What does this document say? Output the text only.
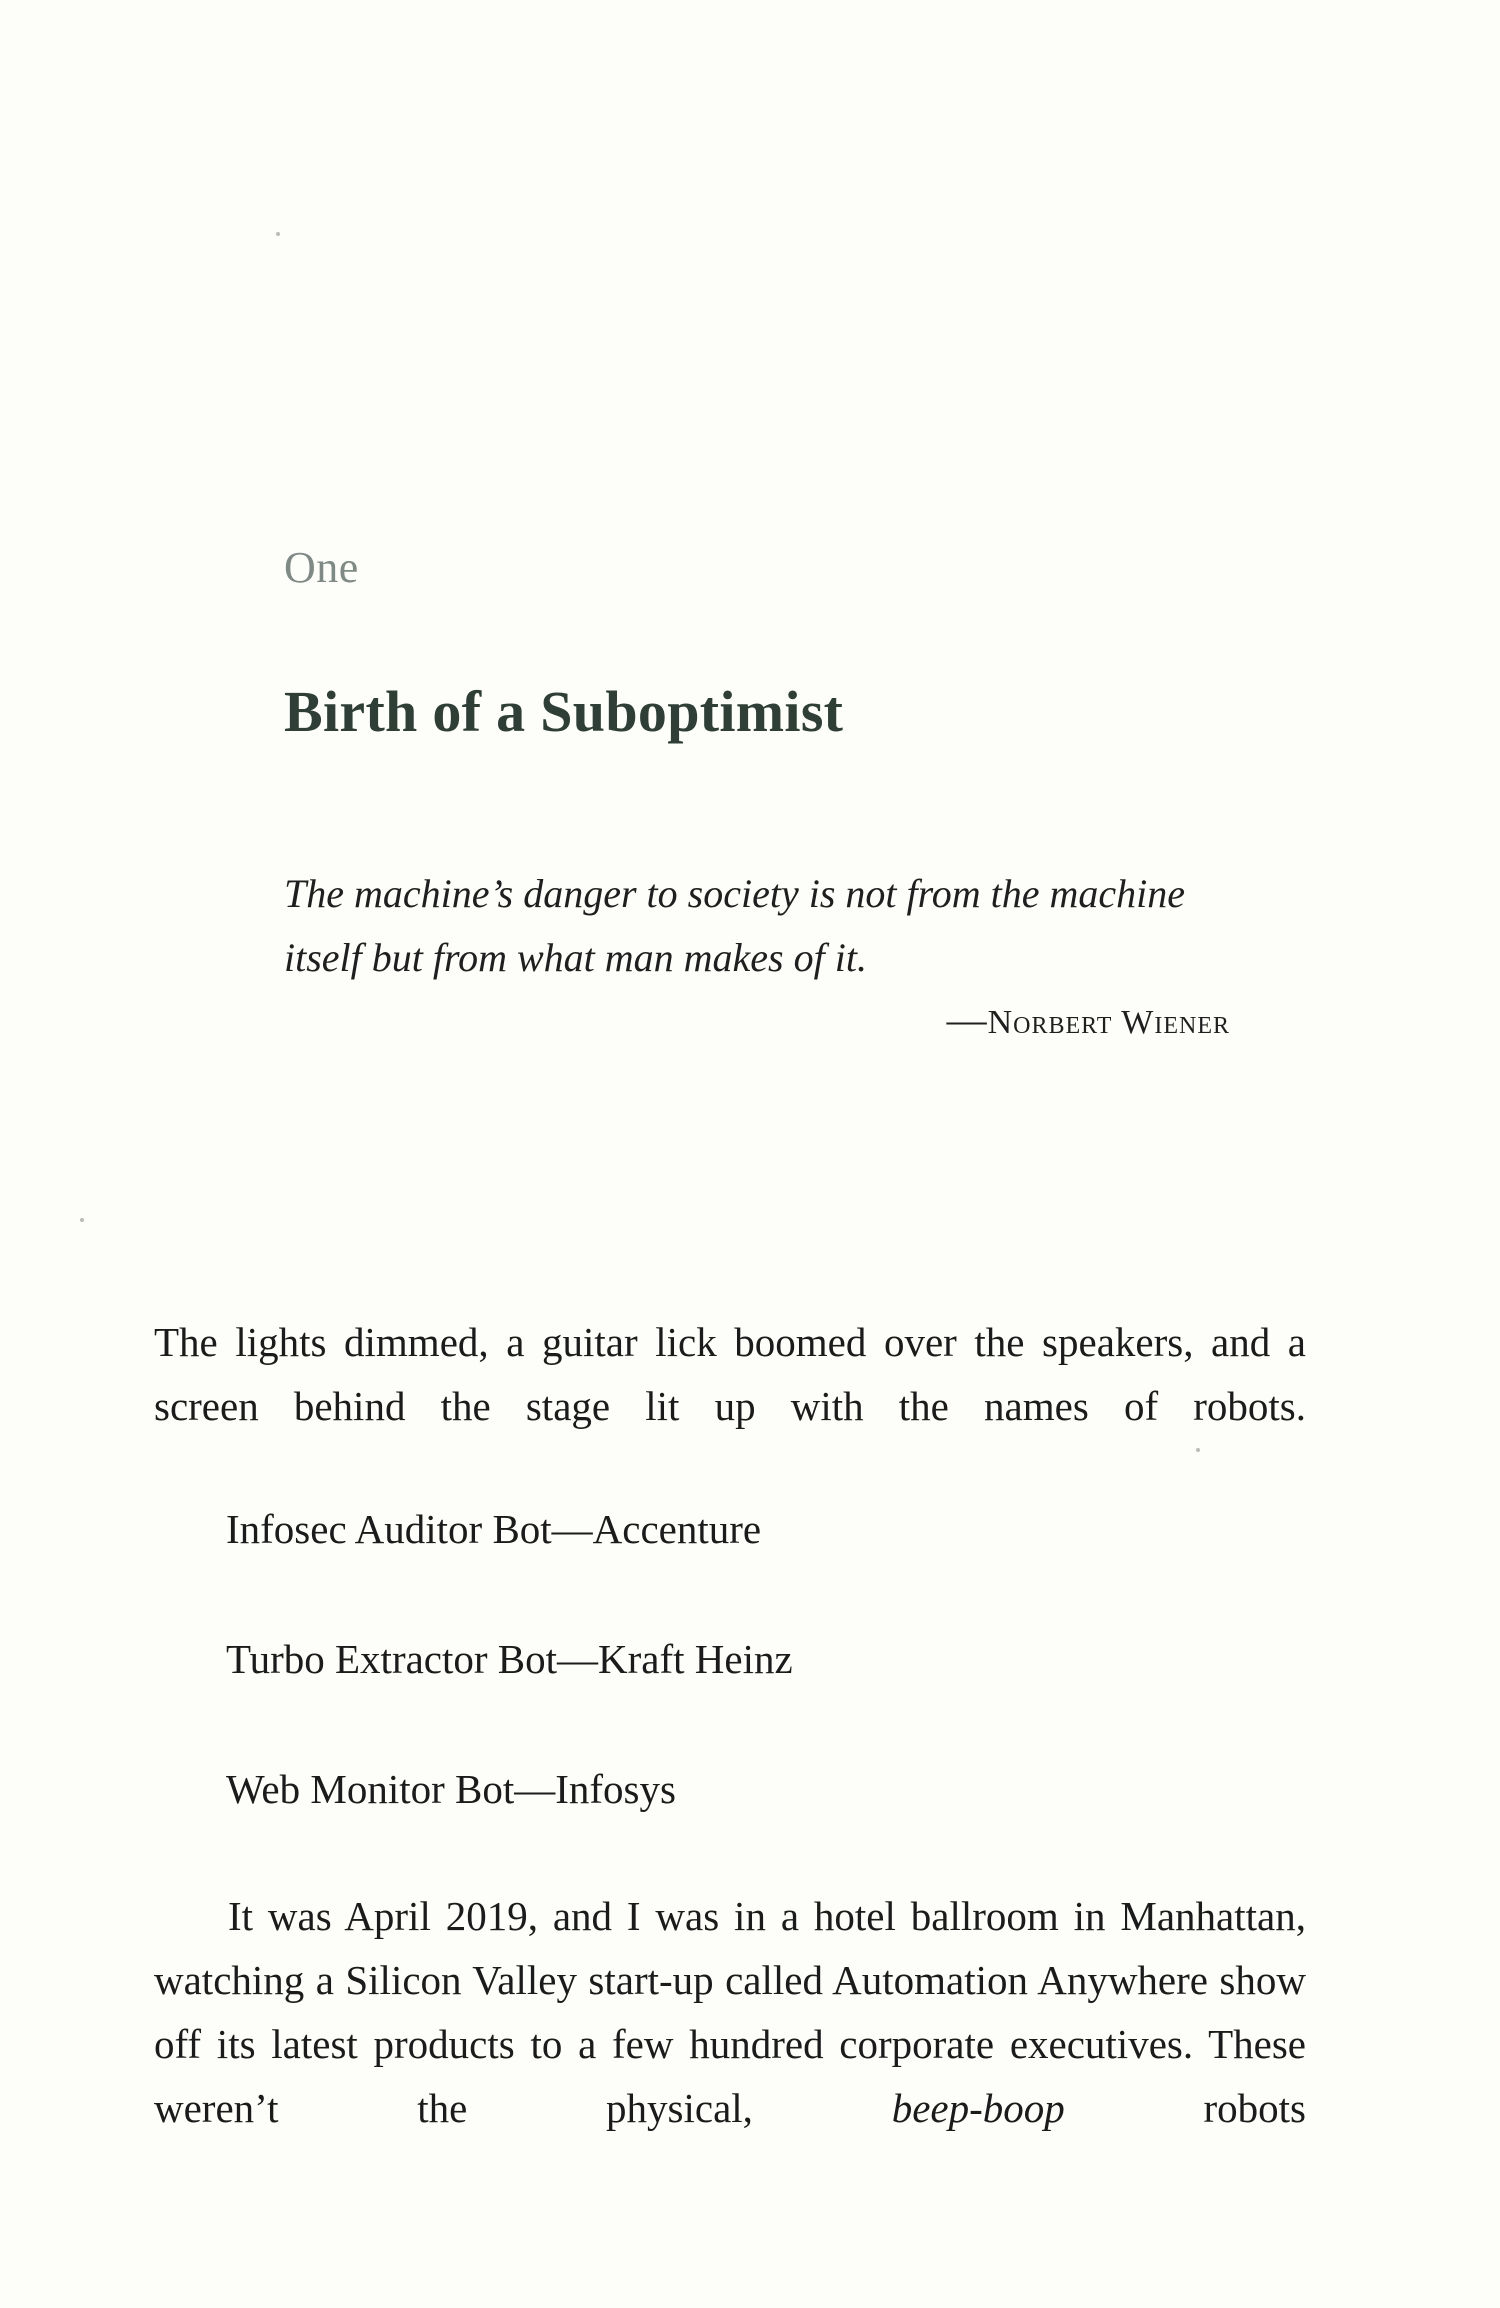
One
Birth of a Suboptimist
The machine’s danger to society is not from the machine
itself but from what man makes of it.
—Norbert Wiener

The lights dimmed, a guitar lick boomed over the speakers, and a screen behind the stage lit up with the names of robots.

Infosec Auditor Bot—Accenture

Turbo Extractor Bot—Kraft Heinz

Web Monitor Bot—Infosys

It was April 2019, and I was in a hotel ballroom in Manhattan, watching a Silicon Valley start-up called Automation Anywhere show off its latest products to a few hundred corporate executives. These weren’t the physical, beep-boop robots
